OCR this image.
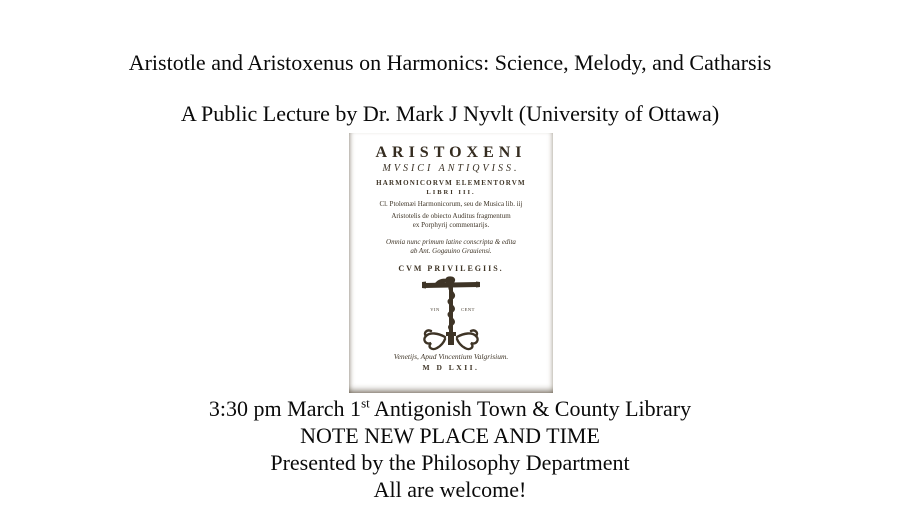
Aristotle and Aristoxenus on Harmonics: Science, Melody, and Catharsis
A Public Lecture by Dr. Mark J Nyvlt (University of Ottawa)
ARISTOXENI
MVSICI ANTIQVISS.
HARMONICORVM ELEMENTORVM
LIBRI III.
Cl. Ptolemæi Harmonicorum, seu de Musica lib. iij
Aristotelis de obiecto Auditus fragmentum
ex Porphyrij commentarijs.
Omnia nunc primum latine conscripta & edita
ab Ant. Gogauino Grauiensi.
CVM PRIVILEGIIS.
VIN	CENT
Venetijs, Apud Vincentium Valgrisium.
M D LXII.
3:30 pm March 1st Antigonish Town & County Library
NOTE NEW PLACE AND TIME
Presented by the Philosophy Department
All are welcome!
